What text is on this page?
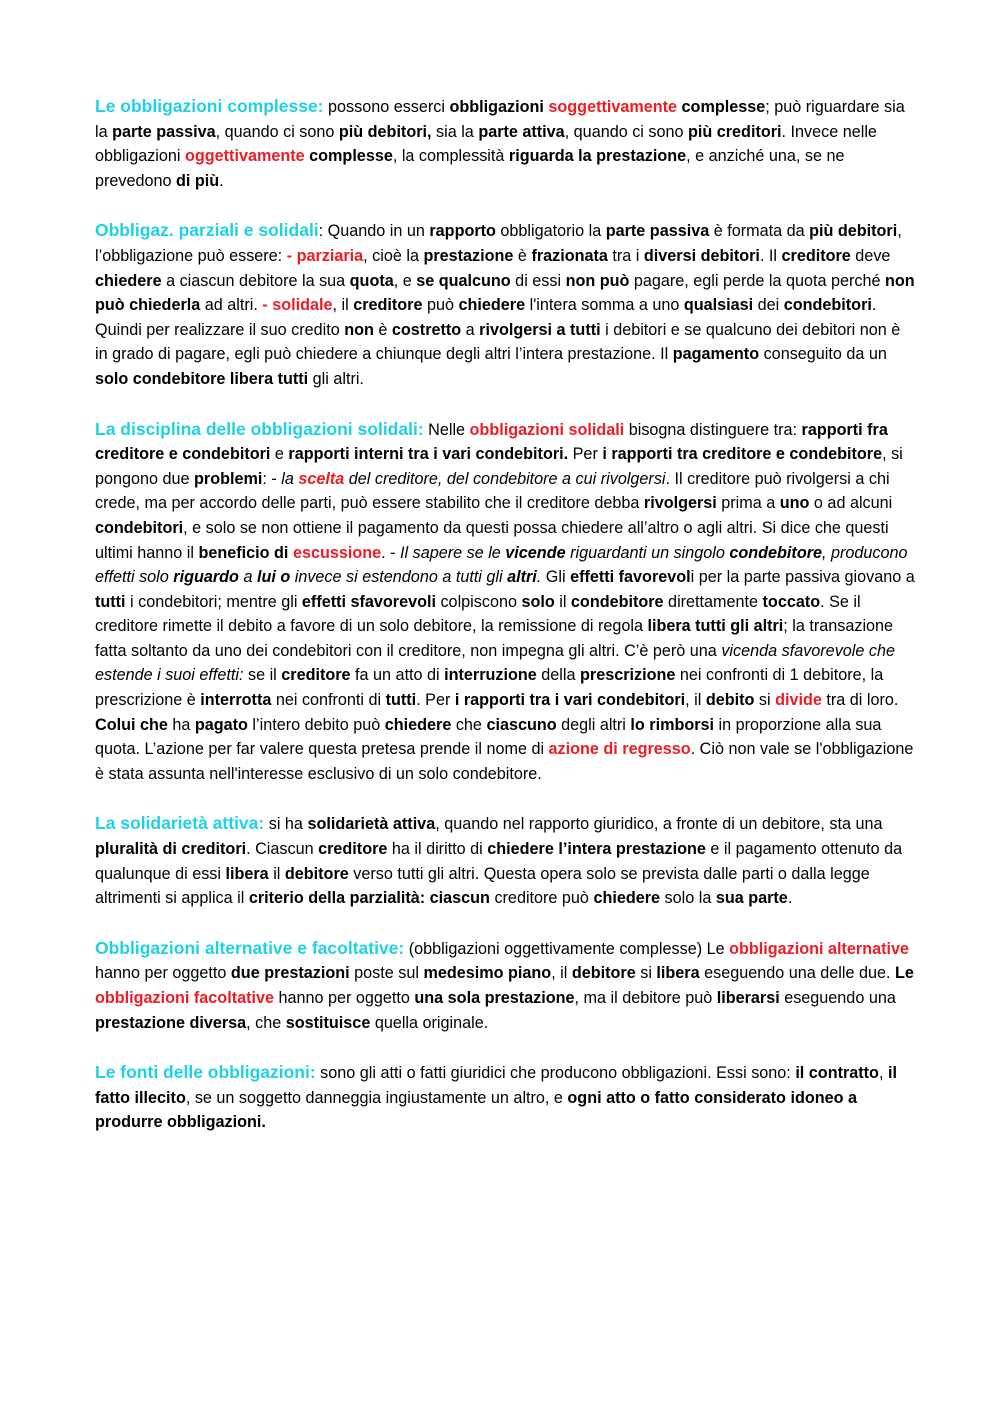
Le obbligazioni complesse: possono esserci obbligazioni soggettivamente complesse; può riguardare sia la parte passiva, quando ci sono più debitori, sia la parte attiva, quando ci sono più creditori. Invece nelle obbligazioni oggettivamente complesse, la complessità riguarda la prestazione, e anziché una, se ne prevedono di più.

Obbligaz. parziali e solidali: Quando in un rapporto obbligatorio la parte passiva è formata da più debitori, l’obbligazione può essere: - parziaria, cioè la prestazione è frazionata tra i diversi debitori. Il creditore deve chiedere a ciascun debitore la sua quota, e se qualcuno di essi non può pagare, egli perde la quota perché non può chiederla ad altri. - solidale, il creditore può chiedere l'intera somma a uno qualsiasi dei condebitori. Quindi per realizzare il suo credito non è costretto a rivolgersi a tutti i debitori e se qualcuno dei debitori non è in grado di pagare, egli può chiedere a chiunque degli altri l’intera prestazione. Il pagamento conseguito da un solo condebitore libera tutti gli altri.

La disciplina delle obbligazioni solidali: Nelle obbligazioni solidali bisogna distinguere tra: rapporti fra creditore e condebitori e rapporti interni tra i vari condebitori. Per i rapporti tra creditore e condebitore, si pongono due problemi: - la scelta del creditore, del condebitore a cui rivolgersi. Il creditore può rivolgersi a chi crede, ma per accordo delle parti, può essere stabilito che il creditore debba rivolgersi prima a uno o ad alcuni condebitori, e solo se non ottiene il pagamento da questi possa chiedere all’altro o agli altri. Si dice che questi ultimi hanno il beneficio di escussione. - Il sapere se le vicende riguardanti un singolo condebitore, producono effetti solo riguardo a lui o invece si estendono a tutti gli altri. Gli effetti favorevoli per la parte passiva giovano a tutti i condebitori; mentre gli effetti sfavorevoli colpiscono solo il condebitore direttamente toccato. Se il creditore rimette il debito a favore di un solo debitore, la remissione di regola libera tutti gli altri; la transazione fatta soltanto da uno dei condebitori con il creditore, non impegna gli altri. C’è però una vicenda sfavorevole che estende i suoi effetti: se il creditore fa un atto di interruzione della prescrizione nei confronti di 1 debitore, la prescrizione è interrotta nei confronti di tutti. Per i rapporti tra i vari condebitori, il debito si divide tra di loro. Colui che ha pagato l’intero debito può chiedere che ciascuno degli altri lo rimborsi in proporzione alla sua quota. L’azione per far valere questa pretesa prende il nome di azione di regresso. Ciò non vale se l'obbligazione è stata assunta nell'interesse esclusivo di un solo condebitore.

La solidarietà attiva: si ha solidarietà attiva, quando nel rapporto giuridico, a fronte di un debitore, sta una pluralità di creditori. Ciascun creditore ha il diritto di chiedere l’intera prestazione e il pagamento ottenuto da qualunque di essi libera il debitore verso tutti gli altri. Questa opera solo se prevista dalle parti o dalla legge altrimenti si applica il criterio della parzialità: ciascun creditore può chiedere solo la sua parte.

Obbligazioni alternative e facoltative: (obbligazioni oggettivamente complesse) Le obbligazioni alternative hanno per oggetto due prestazioni poste sul medesimo piano, il debitore si libera eseguendo una delle due. Le obbligazioni facoltative hanno per oggetto una sola prestazione, ma il debitore può liberarsi eseguendo una prestazione diversa, che sostituisce quella originale.

Le fonti delle obbligazioni: sono gli atti o fatti giuridici che producono obbligazioni. Essi sono: il contratto, il fatto illecito, se un soggetto danneggia ingiustamente un altro, e ogni atto o fatto considerato idoneo a produrre obbligazioni.
